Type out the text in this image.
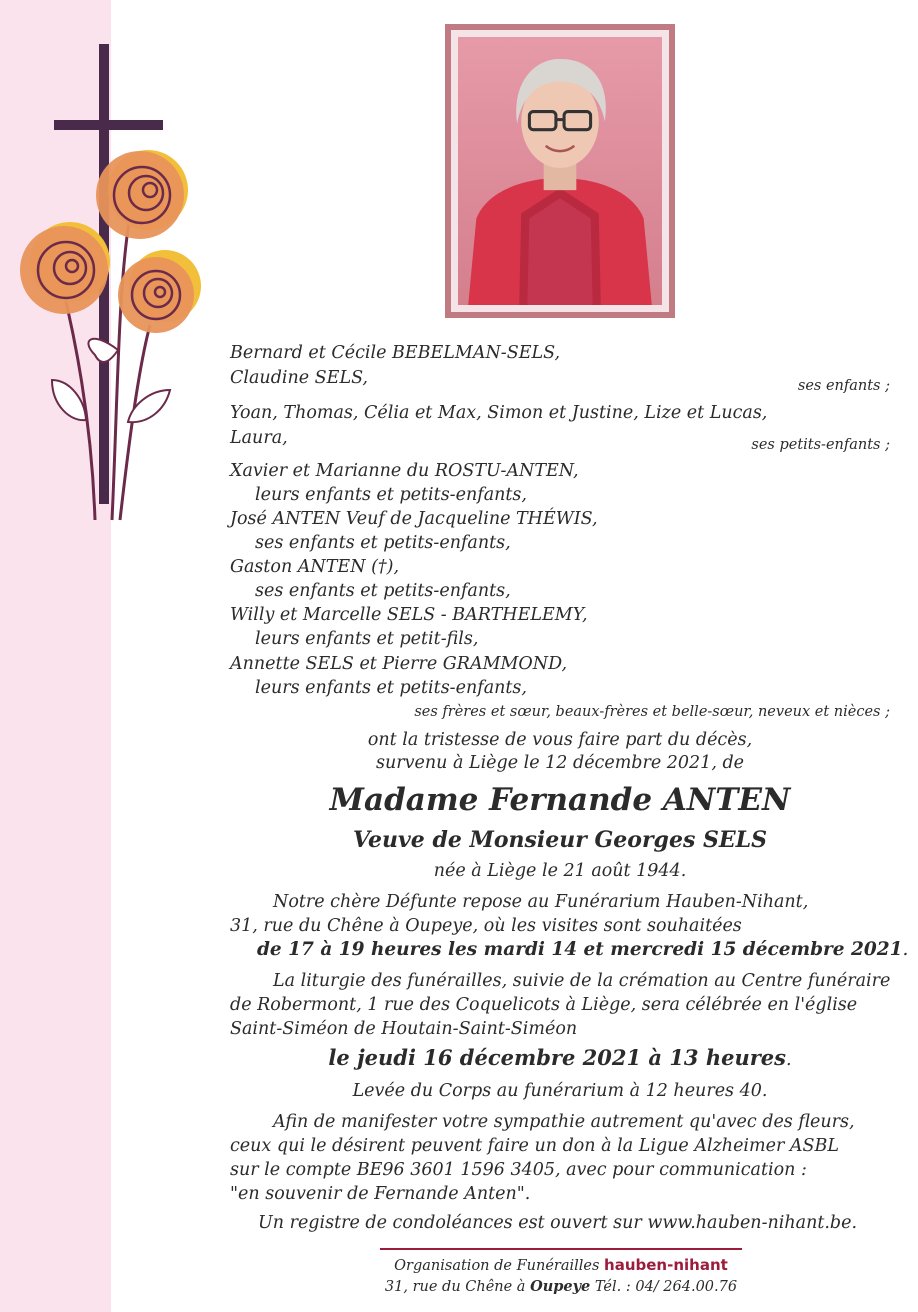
Bernard et Cécile BEBELMAN-SELS,
Claudine SELS,	ses enfants ;
Yoan, Thomas, Célia et Max, Simon et Justine, Lize et Lucas,
Laura,	ses petits-enfants ;
Xavier et Marianne du ROSTU-ANTEN,
leurs enfants et petits-enfants,
José ANTEN Veuf de Jacqueline THÉWIS,
ses enfants et petits-enfants,
Gaston ANTEN (†),
ses enfants et petits-enfants,
Willy et Marcelle SELS - BARTHELEMY,
leurs enfants et petit-fils,
Annette SELS et Pierre GRAMMOND,
leurs enfants et petits-enfants,
ses frères et sœur, beaux-frères et belle-sœur, neveux et nièces ;
ont la tristesse de vous faire part du décès,
survenu à Liège le 12 décembre 2021, de
Madame Fernande ANTEN
Veuve de Monsieur Georges SELS
née à Liège le 21 août 1944.
Notre chère Défunte repose au Funérarium Hauben-Nihant,
31, rue du Chêne à Oupeye, où les visites sont souhaitées
de 17 à 19 heures les mardi 14 et mercredi 15 décembre 2021.
La liturgie des funérailles, suivie de la crémation au Centre funéraire
de Robermont, 1 rue des Coquelicots à Liège, sera célébrée en l'église
Saint-Siméon de Houtain-Saint-Siméon
le jeudi 16 décembre 2021 à 13 heures.
Levée du Corps au funérarium à 12 heures 40.
Afin de manifester votre sympathie autrement qu'avec des fleurs,
ceux qui le désirent peuvent faire un don à la Ligue Alzheimer ASBL
sur le compte BE96 3601 1596 3405, avec pour communication :
"en souvenir de Fernande Anten".
Un registre de condoléances est ouvert sur www.hauben-nihant.be.
Organisation de Funérailles hauben-nihant
31, rue du Chêne à Oupeye Tél. : 04/ 264.00.76
